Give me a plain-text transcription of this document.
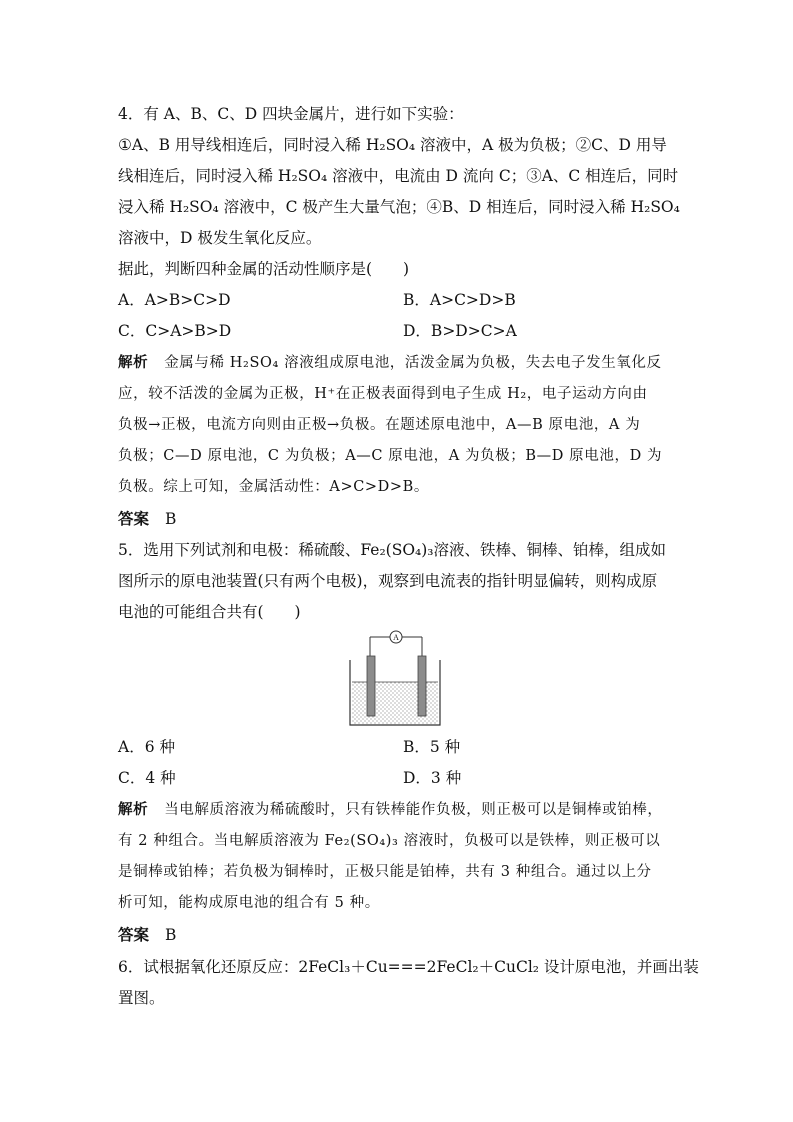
4．有 A、B、C、D 四块金属片，进行如下实验：
①A、B 用导线相连后，同时浸入稀 H₂SO₄ 溶液中，A 极为负极；②C、D 用导
线相连后，同时浸入稀 H₂SO₄ 溶液中，电流由 D 流向 C；③A、C 相连后，同时
浸入稀 H₂SO₄ 溶液中，C 极产生大量气泡；④B、D 相连后，同时浸入稀 H₂SO₄
溶液中，D 极发生氧化反应。
据此，判断四种金属的活动性顺序是(　　)
A．A>B>C>D	B．A>C>D>B
C．C>A>B>D	D．B>D>C>A
解析 金属与稀 H₂SO₄ 溶液组成原电池，活泼金属为负极，失去电子发生氧化反
应，较不活泼的金属为正极，H⁺在正极表面得到电子生成 H₂，电子运动方向由
负极→正极，电流方向则由正极→负极。在题述原电池中，A—B 原电池，A 为
负极；C—D 原电池，C 为负极；A—C 原电池，A 为负极；B—D 原电池，D 为
负极。综上可知，金属活动性：A>C>D>B。
答案 B
5．选用下列试剂和电极：稀硫酸、Fe₂(SO₄)₃溶液、铁棒、铜棒、铂棒，组成如
图所示的原电池装置(只有两个电极)，观察到电流表的指针明显偏转，则构成原
电池的可能组合共有(　　)
A
A．6 种	B．5 种
C．4 种	D．3 种
解析 当电解质溶液为稀硫酸时，只有铁棒能作负极，则正极可以是铜棒或铂棒，
有 2 种组合。当电解质溶液为 Fe₂(SO₄)₃ 溶液时，负极可以是铁棒，则正极可以
是铜棒或铂棒；若负极为铜棒时，正极只能是铂棒，共有 3 种组合。通过以上分
析可知，能构成原电池的组合有 5 种。
答案 B
6．试根据氧化还原反应：2FeCl₃＋Cu===2FeCl₂＋CuCl₂ 设计原电池，并画出装
置图。
